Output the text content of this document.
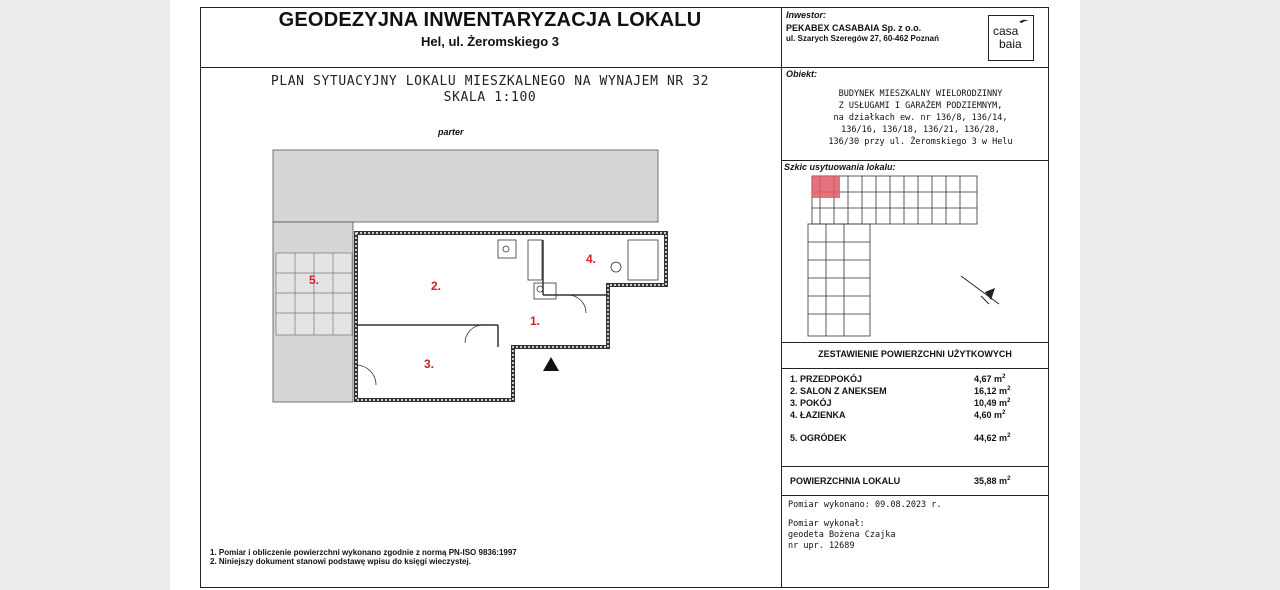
GEODEZYJNA INWENTARYZACJA LOKALU
Hel, ul. Żeromskiego 3
PLAN SYTUACYJNY LOKALU MIESZKALNEGO NA WYNAJEM NR 32
SKALA 1:100
parter
Inwestor:
PEKABEX CASABAIA Sp. z o.o.
ul. Szarych Szeregów 27, 60-462 Poznań
casa
baia
Obiekt:
BUDYNEK MIESZKALNY WIELORODZINNY
Z USŁUGAMI I GARAŻEM PODZIEMNYM,
na działkach ew. nr 136/8, 136/14,
136/16, 136/18, 136/21, 136/28,
136/30 przy ul. Żeromskiego 3 w Helu
Szkic usytuowania lokalu:
ZESTAWIENIE POWIERZCHNI UŻYTKOWYCH
1. PRZEDPOKÓJ	4,67 $m^2$
2. SALON Z ANEKSEM	16,12 $m^2$
3. POKÓJ	10,49 $m^2$
4. ŁAZIENKA	4,60 $m^2$
5. OGRÓDEK	44,62 $m^2$
POWIERZCHNIA LOKALU	35,88 $m^2$
Pomiar wykonano: 09.08.2023 r.
Pomiar wykonał:
geodeta Bożena Czajka
nr upr. 12689
1. Pomiar i obliczenie powierzchni wykonano zgodnie z normą PN-ISO 9836:1997
2. Niniejszy dokument stanowi podstawę wpisu do księgi wieczystej.
1.
2.
3.
4.
5.
